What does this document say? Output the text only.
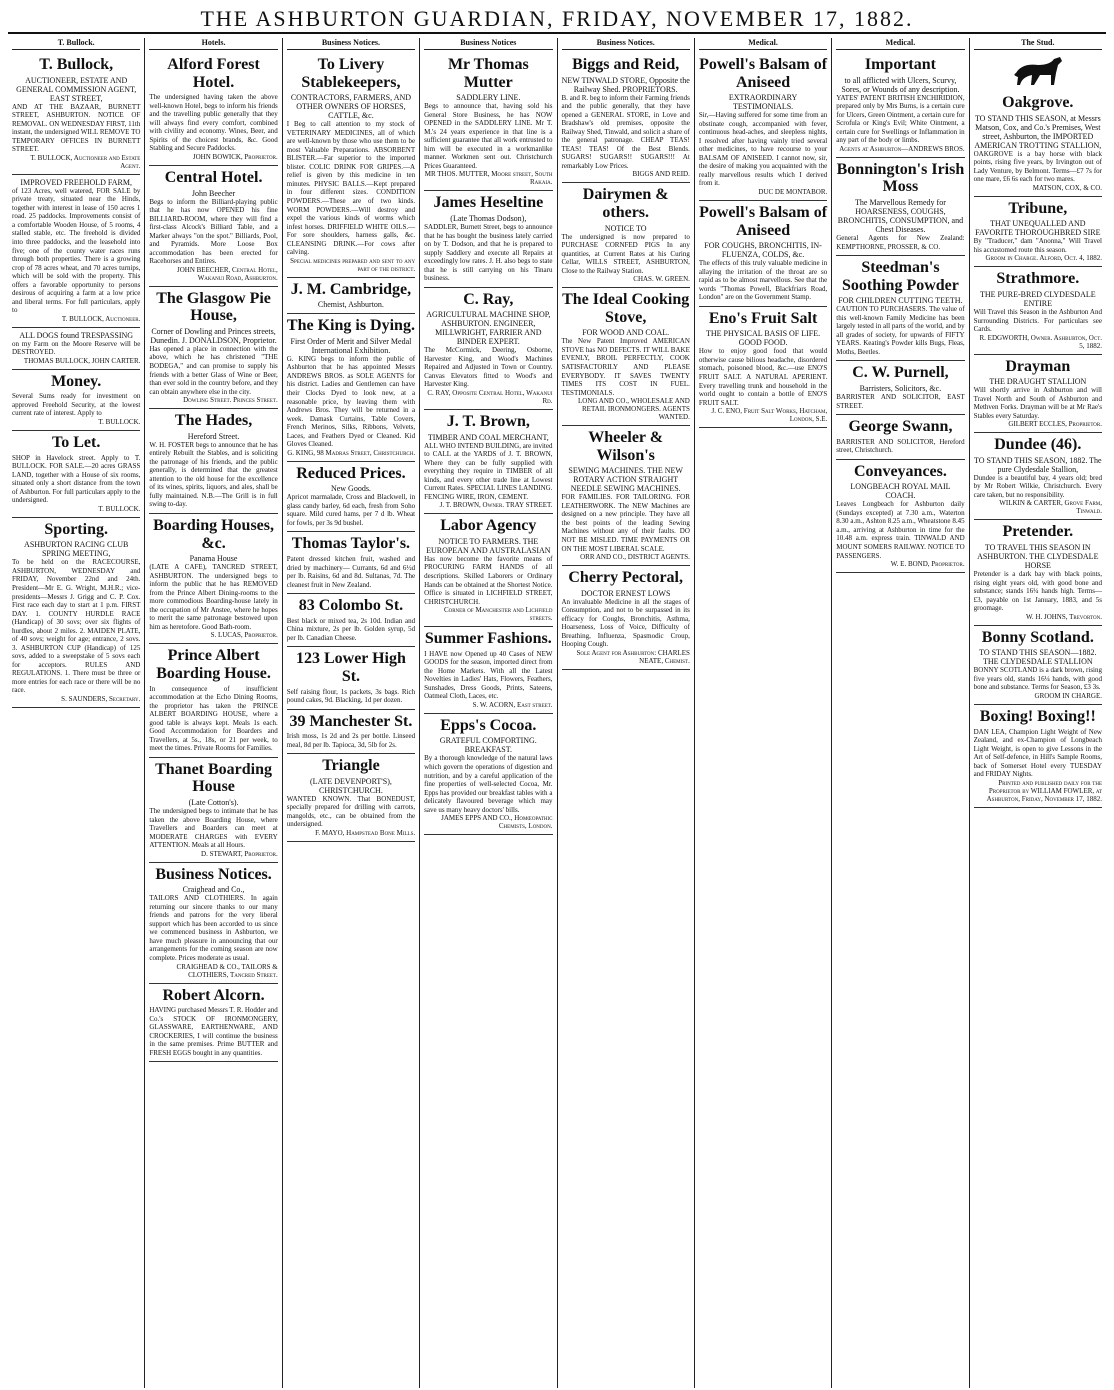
THE ASHBURTON GUARDIAN, FRIDAY, NOVEMBER 17, 1882.
T. Bullock.
T. Bullock,
AUCTIONEER, ESTATE AND GENERAL COMMISSION AGENT, EAST STREET,

AND AT THE BAZAAR, BURNETT STREET, ASHBURTON. NOTICE OF REMOVAL. ON WEDNESDAY FIRST, 11th instant, the undersigned WILL REMOVE TO TEMPORARY OFFICES IN BURNETT STREET.

T. BULLOCK, Auctioneer and Estate Agent.
IMPROVED FREEHOLD FARM,

of 123 Acres, well watered, FOR SALE by private treaty, situated near the Hinds, together with interest in lease of 150 acres 1 road. 25 paddocks. Improvements consist of a comfortable Wooden House, of 5 rooms, 4 stalled stable, etc. The freehold is divided into three paddocks, and the leasehold into five; one of the county water races runs through both properties. There is a growing crop of 78 acres wheat, and 70 acres turnips, which will be sold with the property. This offers a favorable opportunity to persons desirous of acquiring a farm at a low price and liberal terms. For full particulars, apply to

T. BULLOCK, Auctioneer.
ALL DOGS found TRESPASSING

on my Farm on the Moore Reserve will be DESTROYED.

THOMAS BULLOCK, JOHN CARTER.
Money.

Several Sums ready for investment on approved Freehold Security, at the lowest current rate of interest. Apply to

T. BULLOCK.
To Let.

SHOP in Havelock street. Apply to T. BULLOCK. FOR SALE.—20 acres GRASS LAND, together with a House of six rooms, situated only a short distance from the town of Ashburton. For full particulars apply to the undersigned.

T. BULLOCK.
Sporting.
ASHBURTON RACING CLUB SPRING MEETING,

To be held on the RACECOURSE, ASHBURTON, WEDNESDAY and FRIDAY, November 22nd and 24th. President—Mr E. G. Wright, M.H.R.; vice-presidents—Messrs J. Grigg and C. P. Cox. First race each day to start at 1 p.m. FIRST DAY. 1. COUNTY HURDLE RACE (Handicap) of 30 sovs; over six flights of hurdles, about 2 miles. 2. MAIDEN PLATE, of 40 sovs; weight for age; entrance, 2 sovs. 3. ASHBURTON CUP (Handicap) of 125 sovs, added to a sweepstake of 5 sovs each for acceptors. RULES AND REGULATIONS. 1. There must be three or more entries for each race or there will be no race.

S. SAUNDERS, Secretary.
Hotels.
Alford Forest Hotel.

The undersigned having taken the above well-known Hotel, begs to inform his friends and the travelling public generally that they will always find every comfort, combined with civility and economy. Wines, Beer, and Spirits of the choicest brands, &c. Good Stabling and Secure Paddocks.

JOHN BOWICK, Proprietor.
Central Hotel.
John Beecher

Begs to inform the Billiard-playing public that he has now OPENED his fine BILLIARD-ROOM, where they will find a first-class Alcock's Billiard Table, and a Marker always "on the spot." Billiards, Pool, and Pyramids. More Loose Box accommodation has been erected for Racehorses and Entires.

JOHN BEECHER, Central Hotel, Wakanui Road, Ashburton.
The Glasgow Pie House,
Corner of Dowling and Princes streets, Dunedin. J. DONALDSON, Proprietor.

Has opened a place in connection with the above, which he has christened "THE BODEGA," and can promise to supply his friends with a better Glass of Wine or Beer, than ever sold in the country before, and they can obtain anywhere else in the city.

Dowling Street. Princes Street.
The Hades,
Hereford Street.

W. H. FOSTER begs to announce that he has entirely Rebuilt the Stables, and is soliciting the patronage of his friends, and the public generally, is determined that the greatest attention to the old house for the excellence of its wines, spirits, liquors, and ales, shall be fully maintained. N.B.—The Grill is in full swing to-day.

Boarding Houses, &c.
Panama House

(LATE A CAFE), TANCRED STREET, ASHBURTON. The undersigned begs to inform the public that he has REMOVED from the Prince Albert Dining-rooms to the more commodious Boarding-house lately in the occupation of Mr Anstee, where he hopes to merit the same patronage bestowed upon him as heretofore. Good Bath-room.

S. LUCAS, Proprietor.
Prince Albert Boarding House.

In consequence of insufficient accommodation at the Echo Dining Rooms, the proprietor has taken the PRINCE ALBERT BOARDING HOUSE, where a good table is always kept. Meals 1s each. Good Accommodation for Boarders and Travellers, at 5s., 18s, or 21 per week, to meet the times. Private Rooms for Families.

Thanet Boarding House
(Late Cotton's).

The undersigned begs to intimate that he has taken the above Boarding House, where Travellers and Boarders can meet at MODERATE CHARGES with EVERY ATTENTION. Meals at all Hours.

D. STEWART, Proprietor.
Business Notices.
Craighead and Co.,

TAILORS AND CLOTHIERS. In again returning our sincere thanks to our many friends and patrons for the very liberal support which has been accorded to us since we commenced business in Ashburton, we have much pleasure in announcing that our arrangements for the coming season are now complete. Prices moderate as usual.

CRAIGHEAD & CO., TAILORS & CLOTHIERS, Tancred Street.
Robert Alcorn.

HAVING purchased Messrs T. R. Hodder and Co.'s STOCK OF IRONMONGERY, GLASSWARE, EARTHENWARE, AND CROCKERIES, I will continue the business in the same premises. Prime BUTTER and FRESH EGGS bought in any quantities.

Business Notices.
To Livery Stablekeepers,
CONTRACTORS, FARMERS, AND OTHER OWNERS OF HORSES, CATTLE, &c.

I Beg to call attention to my stock of VETERINARY MEDICINES, all of which are well-known by those who use them to be most Valuable Preparations. ABSORBENT BLISTER.—Far superior to the imported blister. COLIC DRINK FOR GRIPES.—A relief is given by this medicine in ten minutes. PHYSIC BALLS.—Kept prepared in four different sizes. CONDITION POWDERS.—These are of two kinds. WORM POWDERS.—Will destroy and expel the various kinds of worms which infest horses. DRIFFIELD WHITE OILS.—For sore shoulders, harness galls, &c. CLEANSING DRINK.—For cows after calving.

Special medicines prepared and sent to any part of the district.
J. M. Cambridge,
Chemist, Ashburton.
The King is Dying.
First Order of Merit and Silver Medal International Exhibition.

G. KING begs to inform the public of Ashburton that he has appointed Messrs ANDREWS BROS. as SOLE AGENTS for his district. Ladies and Gentlemen can have their Clocks Dyed to look new, at a reasonable price, by leaving them with Andrews Bros. They will be returned in a week. Damask Curtains, Table Covers, French Merinos, Silks, Ribbons, Velvets, Laces, and Feathers Dyed or Cleaned. Kid Gloves Cleaned.

G. KING, 98 Madras Street, Christchurch.
Reduced Prices.
New Goods.

Apricot marmalade, Cross and Blackwell, in glass candy barley, 6d each, fresh from Soho square. Mild cured hams, per 7 d lb. Wheat for fowls, per 3s 9d bushel.

Thomas Taylor's.

Patent dressed kitchen fruit, washed and dried by machinery— Currants, 6d and 6½d per lb. Raisins, 6d and 8d. Sultanas, 7d. The cleanest fruit in New Zealand.

83 Colombo St.

Best black or mixed tea, 2s 10d. Indian and China mixture, 2s per lb. Golden syrup, 5d per lb. Canadian Cheese.

123 Lower High St.

Self raising flour, 1s packets, 3s bags. Rich pound cakes, 9d. Blacking, 1d per dozen.

39 Manchester St.

Irish moss, 1s 2d and 2s per bottle. Linseed meal, 8d per lb. Tapioca, 3d, 5lb for 2s.

Triangle
(LATE DEVENPORT'S), CHRISTCHURCH.

WANTED KNOWN. That BONEDUST, specially prepared for drilling with carrots, mangolds, etc., can be obtained from the undersigned.

F. MAYO, Hampstead Bone Mills.
Business Notices
Mr Thomas Mutter
SADDLERY LINE.

Begs to announce that, having sold his General Store Business, he has NOW OPENED in the SADDLERY LINE. Mr T. M.'s 24 years experience in that line is a sufficient guarantee that all work entrusted to him will be executed in a workmanlike manner. Workmen sent out. Christchurch Prices Guaranteed.

MR THOS. MUTTER, Moore street, South Rakaia.
James Heseltine
(Late Thomas Dodson),

SADDLER, Burnett Street, begs to announce that he has bought the business lately carried on by T. Dodson, and that he is prepared to supply Saddlery and execute all Repairs at exceedingly low rates. J. H. also begs to state that he is still carrying on his Tinaru business.

C. Ray,
AGRICULTURAL MACHINE SHOP, ASHBURTON. ENGINEER, MILLWRIGHT, FARRIER AND BINDER EXPERT.

The McCormick, Deering, Osborne, Harvester King, and Wood's Machines Repaired and Adjusted in Town or Country. Canvas Elevators fitted to Wood's and Harvester King.

C. RAY, Opposite Central Hotel, Wakanui Rd.
J. T. Brown,
TIMBER AND COAL MERCHANT,

ALL WHO INTEND BUILDING, are invited to CALL at the YARDS of J. T. BROWN, Where they can be fully supplied with everything they require in TIMBER of all kinds, and every other trade line at Lowest Current Rates. SPECIAL LINES LANDING. FENCING WIRE, IRON, CEMENT.

J. T. BROWN, Owner. TRAY STREET.
Labor Agency
NOTICE TO FARMERS. THE EUROPEAN AND AUSTRALASIAN

Has now become the favorite means of PROCURING FARM HANDS of all descriptions. Skilled Laborers or Ordinary Hands can be obtained at the Shortest Notice. Office is situated in LICHFIELD STREET, CHRISTCHURCH.

Corner of Manchester and Lichfield streets.
Summer Fashions.

I HAVE now Opened up 40 Cases of NEW GOODS for the season, imported direct from the Home Markets. With all the Latest Novelties in Ladies' Hats, Flowers, Feathers, Sunshades, Dress Goods, Prints, Sateens, Oatmeal Cloth, Laces, etc.

S. W. ACORN, East street.
Epps's Cocoa.
GRATEFUL COMFORTING. BREAKFAST.

By a thorough knowledge of the natural laws which govern the operations of digestion and nutrition, and by a careful application of the fine properties of well-selected Cocoa, Mr. Epps has provided our breakfast tables with a delicately flavoured beverage which may save us many heavy doctors' bills.

JAMES EPPS AND CO., Homœopathic Chemists, London.
Business Notices.
Biggs and Reid,
NEW TINWALD STORE, Opposite the Railway Shed. PROPRIETORS.

B. and R. beg to inform their Farming friends and the public generally, that they have opened a GENERAL STORE, in Love and Bradshaw's old premises, opposite the Railway Shed, Tinwald, and solicit a share of the general patronage. CHEAP TEAS! TEAS! TEAS! Of the Best Blends. SUGARS! SUGARS!! SUGARS!!! At remarkably Low Prices.

BIGGS AND REID.
Dairymen & others.
NOTICE TO

The undersigned is now prepared to PURCHASE CORNFED PIGS In any quantities, at Current Rates at his Curing Cellar, WILLS STREET, ASHBURTON, Close to the Railway Station.

CHAS. W. GREEN.
The Ideal Cooking Stove,
FOR WOOD AND COAL.

The New Patent Improved AMERICAN STOVE has NO DEFECTS. IT WILL BAKE EVENLY, BROIL PERFECTLY, COOK SATISFACTORILY AND PLEASE EVERYBODY. IT SAVES TWENTY TIMES ITS COST IN FUEL. TESTIMONIALS.

LONG AND CO., WHOLESALE AND RETAIL IRONMONGERS. AGENTS WANTED.
Wheeler & Wilson's
SEWING MACHINES. THE NEW ROTARY ACTION STRAIGHT NEEDLE SEWING MACHINES.

FOR FAMILIES. FOR TAILORING. FOR LEATHERWORK. The NEW Machines are designed on a new principle. They have all the best points of the leading Sewing Machines without any of their faults. DO NOT BE MISLED. TIME PAYMENTS OR ON THE MOST LIBERAL SCALE.

ORR AND CO., DISTRICT AGENTS.
Cherry Pectoral,
DOCTOR ERNEST LOWS

An invaluable Medicine in all the stages of Consumption, and not to be surpassed in its efficacy for Coughs, Bronchitis, Asthma, Hoarseness, Loss of Voice, Difficulty of Breathing, Influenza, Spasmodic Croup, Hooping Cough.

Sole Agent for Ashburton: CHARLES NEATE, Chemist.
Medical.
Powell's Balsam of Aniseed
EXTRAORDINARY TESTIMONIALS.

Sir,—Having suffered for some time from an obstinate cough, accompanied with fever, continuous head-aches, and sleepless nights, I resolved after having vainly tried several other medicines, to have recourse to your BALSAM OF ANISEED. I cannot now, sir, the desire of making you acquainted with the really marvellous results which I derived from it.

DUC DE MONTABOR.
Powell's Balsam of Aniseed
FOR COUGHS, BRONCHITIS, IN-FLUENZA, COLDS, &c.

The effects of this truly valuable medicine in allaying the irritation of the throat are so rapid as to be almost marvellous. See that the words "Thomas Powell, Blackfriars Road, London" are on the Government Stamp.

Eno's Fruit Salt
THE PHYSICAL BASIS OF LIFE. GOOD FOOD.

How to enjoy good food that would otherwise cause bilious headache, disordered stomach, poisoned blood, &c.—use ENO'S FRUIT SALT. A NATURAL APERIENT. Every travelling trunk and household in the world ought to contain a bottle of ENO'S FRUIT SALT.

J. C. ENO, Fruit Salt Works, Hatcham, London, S.E.
Medical.
Important
to all afflicted with Ulcers, Scurvy, Sores, or Wounds of any description.

YATES' PATENT BRITISH ENCHIRIDION, prepared only by Mrs Burns, is a certain cure for Ulcers, Green Ointment, a certain cure for Scrofula or King's Evil; White Ointment, a certain cure for Swellings or Inflammation in any part of the body or limbs.

Agents at Ashburton—ANDREWS BROS.
Bonnington's Irish Moss
The Marvellous Remedy for HOARSENESS, COUGHS, BRONCHITIS, CONSUMPTION, and Chest Diseases.

General Agents for New Zealand: KEMPTHORNE, PROSSER, & CO.

Steedman's Soothing Powder
FOR CHILDREN CUTTING TEETH.

CAUTION TO PURCHASERS. The value of this well-known Family Medicine has been largely tested in all parts of the world, and by all grades of society, for upwards of FIFTY YEARS. Keating's Powder kills Bugs, Fleas, Moths, Beetles.

C. W. Purnell,
Barristers, Solicitors, &c.

BARRISTER AND SOLICITOR, EAST STREET.

George Swann,

BARRISTER AND SOLICITOR, Hereford street, Christchurch.

Conveyances.
LONGBEACH ROYAL MAIL COACH.

Leaves Longbeach for Ashburton daily (Sundays excepted) at 7.30 a.m., Waterton 8.30 a.m., Ashton 8.25 a.m., Wheatstone 8.45 a.m., arriving at Ashburton in time for the 10.48 a.m. express train. TINWALD AND MOUNT SOMERS RAILWAY. NOTICE TO PASSENGERS.

W. E. BOND, Proprietor.
The Stud.
Oakgrove.
TO STAND THIS SEASON, at Messrs Matson, Cox, and Co.'s Premises, West street, Ashburton, the IMPORTED AMERICAN TROTTING STALLION,

OAKGROVE is a bay horse with black points, rising five years, by Irvington out of Lady Venture, by Belmont. Terms—£7 7s for one mare, £6 6s each for two mares.

MATSON, COX, & CO.
Tribune,
THAT UNEQUALLED AND FAVORITE THOROUGHBRED SIRE

By "Traducer," dam "Anonna," Will Travel his accustomed route this season.

Groom in Charge. Alford, Oct. 4, 1882.
Strathmore.
THE PURE-BRED CLYDESDALE ENTIRE

Will Travel this Season in the Ashburton And Surrounding Districts. For particulars see Cards.

R. EDGWORTH, Owner. Ashburton, Oct. 5, 1882.
Drayman
THE DRAUGHT STALLION

Will shortly arrive in Ashburton and will Travel North and South of Ashburton and Methven Forks. Drayman will be at Mr Rae's Stables every Saturday.

GILBERT ECCLES, Proprietor.
Dundee (46).
TO STAND THIS SEASON, 1882. The pure Clydesdale Stallion,

Dundee is a beautiful bay, 4 years old; bred by Mr Robert Wilkie, Christchurch. Every care taken, but no responsibility.

WILKIN & CARTER, Grove Farm, Tinwald.
Pretender.
TO TRAVEL THIS SEASON IN ASHBURTON. THE CLYDESDALE HORSE

Pretender is a dark bay with black points, rising eight years old, with good bone and substance; stands 16¼ hands high. Terms—£3, payable on 1st January, 1883, and 5s groomage.

W. H. JOHNS, Trevorton.
Bonny Scotland.
TO STAND THIS SEASON—1882. THE CLYDESDALE STALLION

BONNY SCOTLAND is a dark brown, rising five years old, stands 16¼ hands, with good bone and substance. Terms for Season, £3 3s.

GROOM IN CHARGE.
Boxing! Boxing!!

DAN LEA, Champion Light Weight of New Zealand, and ex-Champion of Longbeach Light Weight, is open to give Lessons in the Art of Self-defence, in Hill's Sample Rooms, back of Somerset Hotel every TUESDAY and FRIDAY Nights.

Printed and published daily for the Proprietor by WILLIAM FOWLER, at Ashburton, Friday, November 17, 1882.
